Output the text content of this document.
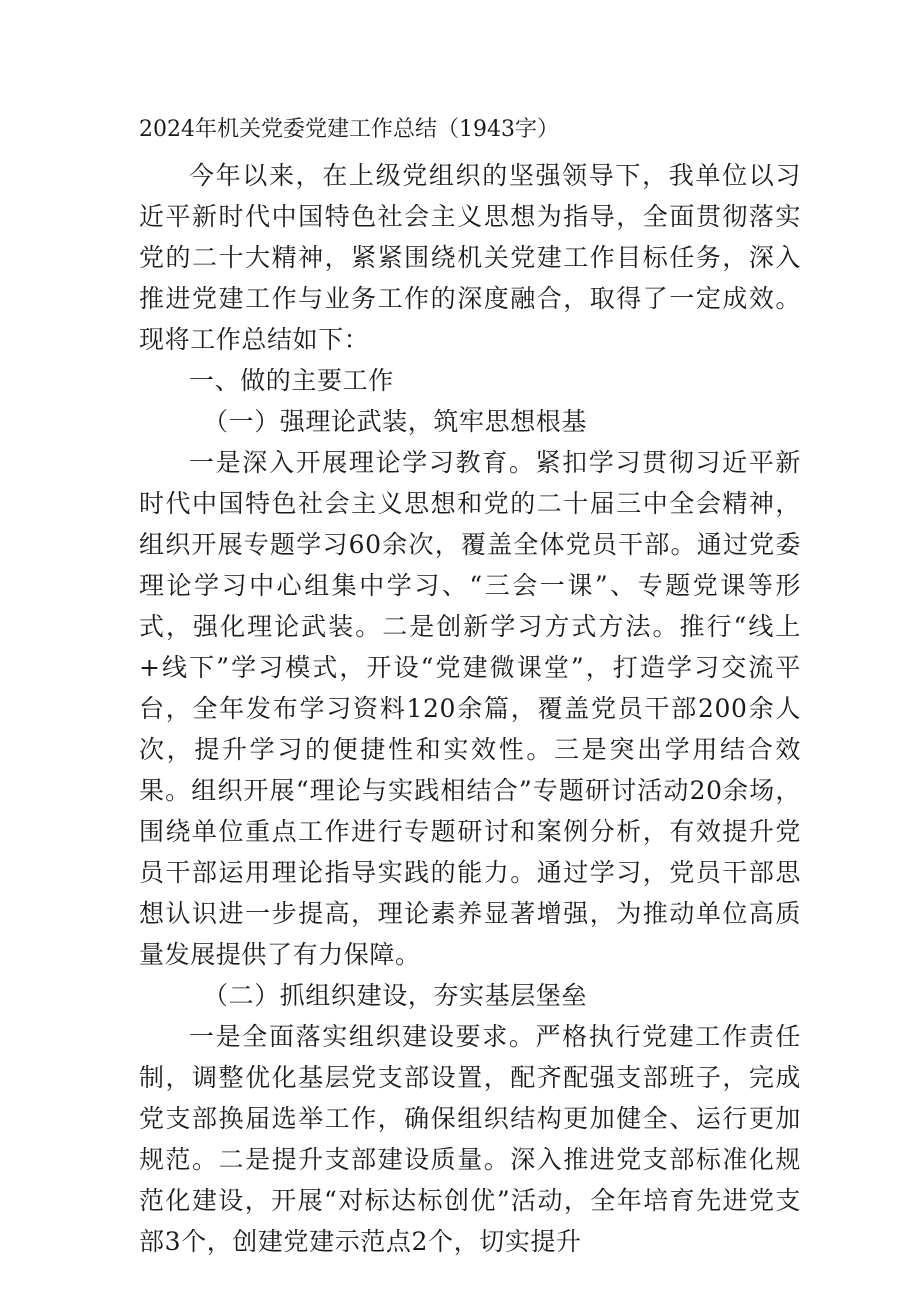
2024年机关党委党建工作总结（1943字）

今年以来，在上级党组织的坚强领导下，我单位以习近平新时代中国特色社会主义思想为指导，全面贯彻落实党的二十大精神，紧紧围绕机关党建工作目标任务，深入推进党建工作与业务工作的深度融合，取得了一定成效。现将工作总结如下：

一、做的主要工作

（一）强理论武装，筑牢思想根基

一是深入开展理论学习教育。紧扣学习贯彻习近平新时代中国特色社会主义思想和党的二十届三中全会精神，组织开展专题学习60余次，覆盖全体党员干部。通过党委理论学习中心组集中学习、“三会一课”、专题党课等形式，强化理论武装。二是创新学习方式方法。推行“线上+线下”学习模式，开设“党建微课堂”，打造学习交流平台，全年发布学习资料120余篇，覆盖党员干部200余人次，提升学习的便捷性和实效性。三是突出学用结合效果。组织开展“理论与实践相结合”专题研讨活动20余场，围绕单位重点工作进行专题研讨和案例分析，有效提升党员干部运用理论指导实践的能力。通过学习，党员干部思想认识进一步提高，理论素养显著增强，为推动单位高质量发展提供了有力保障。

（二）抓组织建设，夯实基层堡垒

一是全面落实组织建设要求。严格执行党建工作责任制，调整优化基层党支部设置，配齐配强支部班子，完成党支部换届选举工作，确保组织结构更加健全、运行更加规范。二是提升支部建设质量。深入推进党支部标准化规范化建设，开展“对标达标创优”活动，全年培育先进党支部3个，创建党建示范点2个，切实提升
